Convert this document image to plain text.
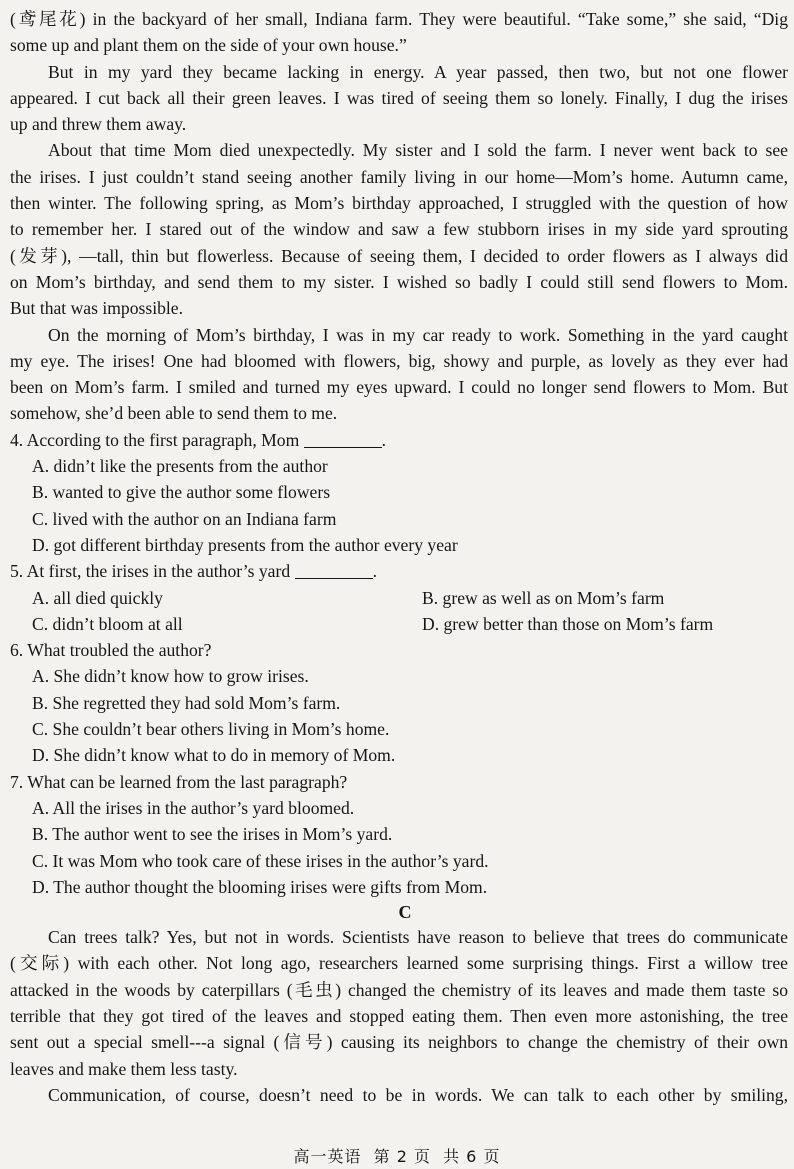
(鸢尾花) in the backyard of her small, Indiana farm. They were beautiful. “Take some,” she said, “Dig

some up and plant them on the side of your own house.”

But in my yard they became lacking in energy. A year passed, then two, but not one flower

appeared. I cut back all their green leaves. I was tired of seeing them so lonely. Finally, I dug the irises

up and threw them away.

About that time Mom died unexpectedly. My sister and I sold the farm. I never went back to see

the irises. I just couldn’t stand seeing another family living in our home—Mom’s home. Autumn came,

then winter. The following spring, as Mom’s birthday approached, I struggled with the question of how

to remember her. I stared out of the window and saw a few stubborn irises in my side yard sprouting

(发芽), —tall, thin but flowerless. Because of seeing them, I decided to order flowers as I always did

on Mom’s birthday, and send them to my sister. I wished so badly I could still send flowers to Mom.

But that was impossible.

On the morning of Mom’s birthday, I was in my car ready to work. Something in the yard caught

my eye. The irises! One had bloomed with flowers, big, showy and purple, as lovely as they ever had

been on Mom’s farm. I smiled and turned my eyes upward. I could no longer send flowers to Mom. But

somehow, she’d been able to send them to me.

4. According to the first paragraph, Mom	.

A. didn’t like the presents from the author

B. wanted to give the author some flowers

C. lived with the author on an Indiana farm

D. got different birthday presents from the author every year

5. At first, the irises in the author’s yard	.

A. all died quickly	B. grew as well as on Mom’s farm

C. didn’t bloom at all	D. grew better than those on Mom’s farm

6. What troubled the author?

A. She didn’t know how to grow irises.

B. She regretted they had sold Mom’s farm.

C. She couldn’t bear others living in Mom’s home.

D. She didn’t know what to do in memory of Mom.

7. What can be learned from the last paragraph?

A. All the irises in the author’s yard bloomed.

B. The author went to see the irises in Mom’s yard.

C. It was Mom who took care of these irises in the author’s yard.

D. The author thought the blooming irises were gifts from Mom.

C

Can trees talk? Yes, but not in words. Scientists have reason to believe that trees do communicate

(交际) with each other. Not long ago, researchers learned some surprising things. First a willow tree

attacked in the woods by caterpillars (毛虫) changed the chemistry of its leaves and made them taste so

terrible that they got tired of the leaves and stopped eating them. Then even more astonishing, the tree

sent out a special smell---a signal (信号) causing its neighbors to change the chemistry of their own

leaves and make them less tasty.

Communication, of course, doesn’t need to be in words. We can talk to each other by smiling,

高一英语 第 2 页 共 6 页
